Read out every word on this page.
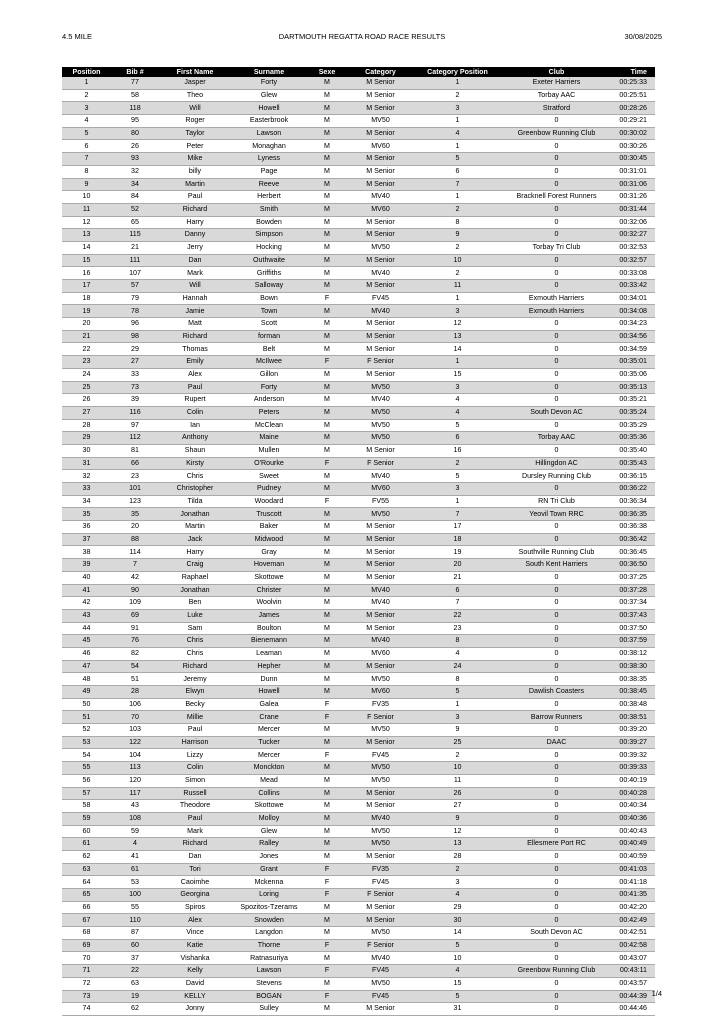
4.5 MILE	DARTMOUTH REGATTA ROAD RACE RESULTS	30/08/2025
Position	Bib #	First Name	Surname	Sexe	Category	Category Position	Club	Time
1	77	Jasper	Forty	M	M Senior	1	Exeter Harriers	00:25:33
2	58	Theo	Glew	M	M Senior	2	Torbay AAC	00:25:51
3	118	Will	Howell	M	M Senior	3	Stratford	00:28:26
4	95	Roger	Easterbrook	M	MV50	1	0	00:29:21
5	80	Taylor	Lawson	M	M Senior	4	Greenbow Running Club	00:30:02
6	26	Peter	Monaghan	M	MV60	1	0	00:30:26
7	93	Mike	Lyness	M	M Senior	5	0	00:30:45
8	32	billy	Page	M	M Senior	6	0	00:31:01
9	34	Martin	Reeve	M	M Senior	7	0	00:31:06
10	84	Paul	Herbert	M	MV40	1	Bracknell Forest Runners	00:31:26
11	52	Richard	Smith	M	MV60	2	0	00:31:44
12	65	Harry	Bowden	M	M Senior	8	0	00:32:06
13	115	Danny	Simpson	M	M Senior	9	0	00:32:27
14	21	Jerry	Hocking	M	MV50	2	Torbay Tri Club	00:32:53
15	111	Dan	Outhwaite	M	M Senior	10	0	00:32:57
16	107	Mark	Griffiths	M	MV40	2	0	00:33:08
17	57	Will	Salloway	M	M Senior	11	0	00:33:42
18	79	Hannah	Bown	F	FV45	1	Exmouth Harriers	00:34:01
19	78	Jamie	Town	M	MV40	3	Exmouth Harriers	00:34:08
20	96	Matt	Scott	M	M Senior	12	0	00:34:23
21	98	Richard	forman	M	M Senior	13	0	00:34:56
22	29	Thomas	Belt	M	M Senior	14	0	00:34:59
23	27	Emily	McIlwee	F	F Senior	1	0	00:35:01
24	33	Alex	Gillon	M	M Senior	15	0	00:35:06
25	73	Paul	Forty	M	MV50	3	0	00:35:13
26	39	Rupert	Anderson	M	MV40	4	0	00:35:21
27	116	Colin	Peters	M	MV50	4	South Devon AC	00:35:24
28	97	Ian	McClean	M	MV50	5	0	00:35:29
29	112	Anthony	Maine	M	MV50	6	Torbay AAC	00:35:36
30	81	Shaun	Mullen	M	M Senior	16	0	00:35:40
31	66	Kirsty	O'Rourke	F	F Senior	2	Hillingdon AC	00:35:43
32	23	Chris	Sweet	M	MV40	5	Dursley Running Club	00:36:15
33	101	Christopher	Pudney	M	MV60	3	0	00:36:22
34	123	Tilda	Woodard	F	FV55	1	RN Tri Club	00:36:34
35	35	Jonathan	Truscott	M	MV50	7	Yeovil Town RRC	00:36:35
36	20	Martin	Baker	M	M Senior	17	0	00:36:38
37	88	Jack	Midwood	M	M Senior	18	0	00:36:42
38	114	Harry	Gray	M	M Senior	19	Southville Running Club	00:36:45
39	7	Craig	Hoveman	M	M Senior	20	South Kent Harriers	00:36:50
40	42	Raphael	Skottowe	M	M Senior	21	0	00:37:25
41	90	Jonathan	Christer	M	MV40	6	0	00:37:28
42	109	Ben	Woolvin	M	MV40	7	0	00:37:34
43	69	Luke	James	M	M Senior	22	0	00:37:43
44	91	Sam	Boulton	M	M Senior	23	0	00:37:50
45	76	Chris	Bienemann	M	MV40	8	0	00:37:59
46	82	Chris	Leaman	M	MV60	4	0	00:38:12
47	54	Richard	Hepher	M	M Senior	24	0	00:38:30
48	51	Jeremy	Dunn	M	MV50	8	0	00:38:35
49	28	Elwyn	Howell	M	MV60	5	Dawlish Coasters	00:38:45
50	106	Becky	Galea	F	FV35	1	0	00:38:48
51	70	Millie	Crane	F	F Senior	3	Barrow Runners	00:38:51
52	103	Paul	Mercer	M	MV50	9	0	00:39:20
53	122	Harrison	Tucker	M	M Senior	25	DAAC	00:39:27
54	104	Lizzy	Mercer	F	FV45	2	0	00:39:32
55	113	Colin	Monckton	M	MV50	10	0	00:39:33
56	120	Simon	Mead	M	MV50	11	0	00:40:19
57	117	Russell	Collins	M	M Senior	26	0	00:40:28
58	43	Theodore	Skottowe	M	M Senior	27	0	00:40:34
59	108	Paul	Molloy	M	MV40	9	0	00:40:36
60	59	Mark	Glew	M	MV50	12	0	00:40:43
61	4	Richard	Ralley	M	MV50	13	Ellesmere Port RC	00:40:49
62	41	Dan	Jones	M	M Senior	28	0	00:40:59
63	61	Tori	Grant	F	FV35	2	0	00:41:03
64	53	Caoimhe	Mckenna	F	FV45	3	0	00:41:18
65	100	Georgina	Loring	F	F Senior	4	0	00:41:35
66	55	Spiros	Spozitos-Tzerams	M	M Senior	29	0	00:42:20
67	110	Alex	Snowden	M	M Senior	30	0	00:42:49
68	87	Vince	Langdon	M	MV50	14	South Devon AC	00:42:51
69	60	Katie	Thorne	F	F Senior	5	0	00:42:58
70	37	Vishanka	Ratnasuriya	M	MV40	10	0	00:43:07
71	22	Kelly	Lawson	F	FV45	4	Greenbow Running Club	00:43:11
72	63	David	Stevens	M	MV50	15	0	00:43:57
73	19	KELLY	BOGAN	F	FV45	5	0	00:44:39
74	62	Jonny	Sulley	M	M Senior	31	0	00:44:46
1/4
